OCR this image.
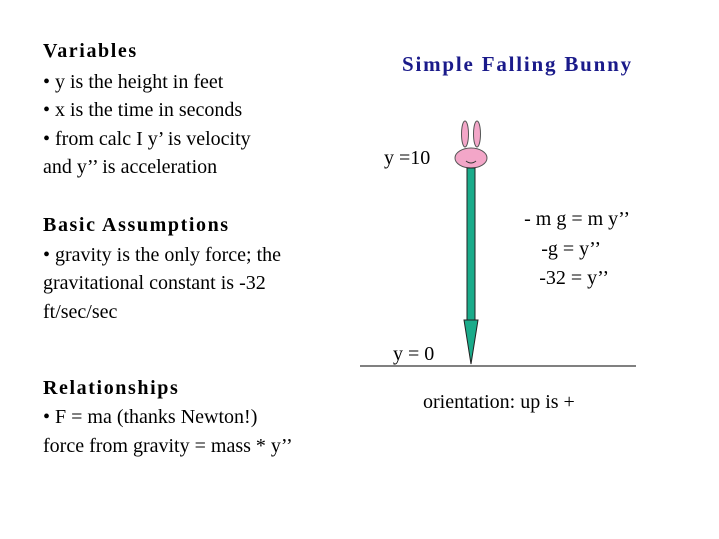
Variables
• y is the height in feet
• x is the time in seconds
• from calc I y’ is velocity
and y’’ is acceleration
Basic Assumptions
• gravity is the only force; the
gravitational constant is -32
ft/sec/sec
Relationships
• F = ma (thanks Newton!)
force from gravity = mass * y’’
Simple Falling Bunny
y =10
y = 0
- m g = m y’’
-g = y’’
-32 = y’’
orientation: up is +
